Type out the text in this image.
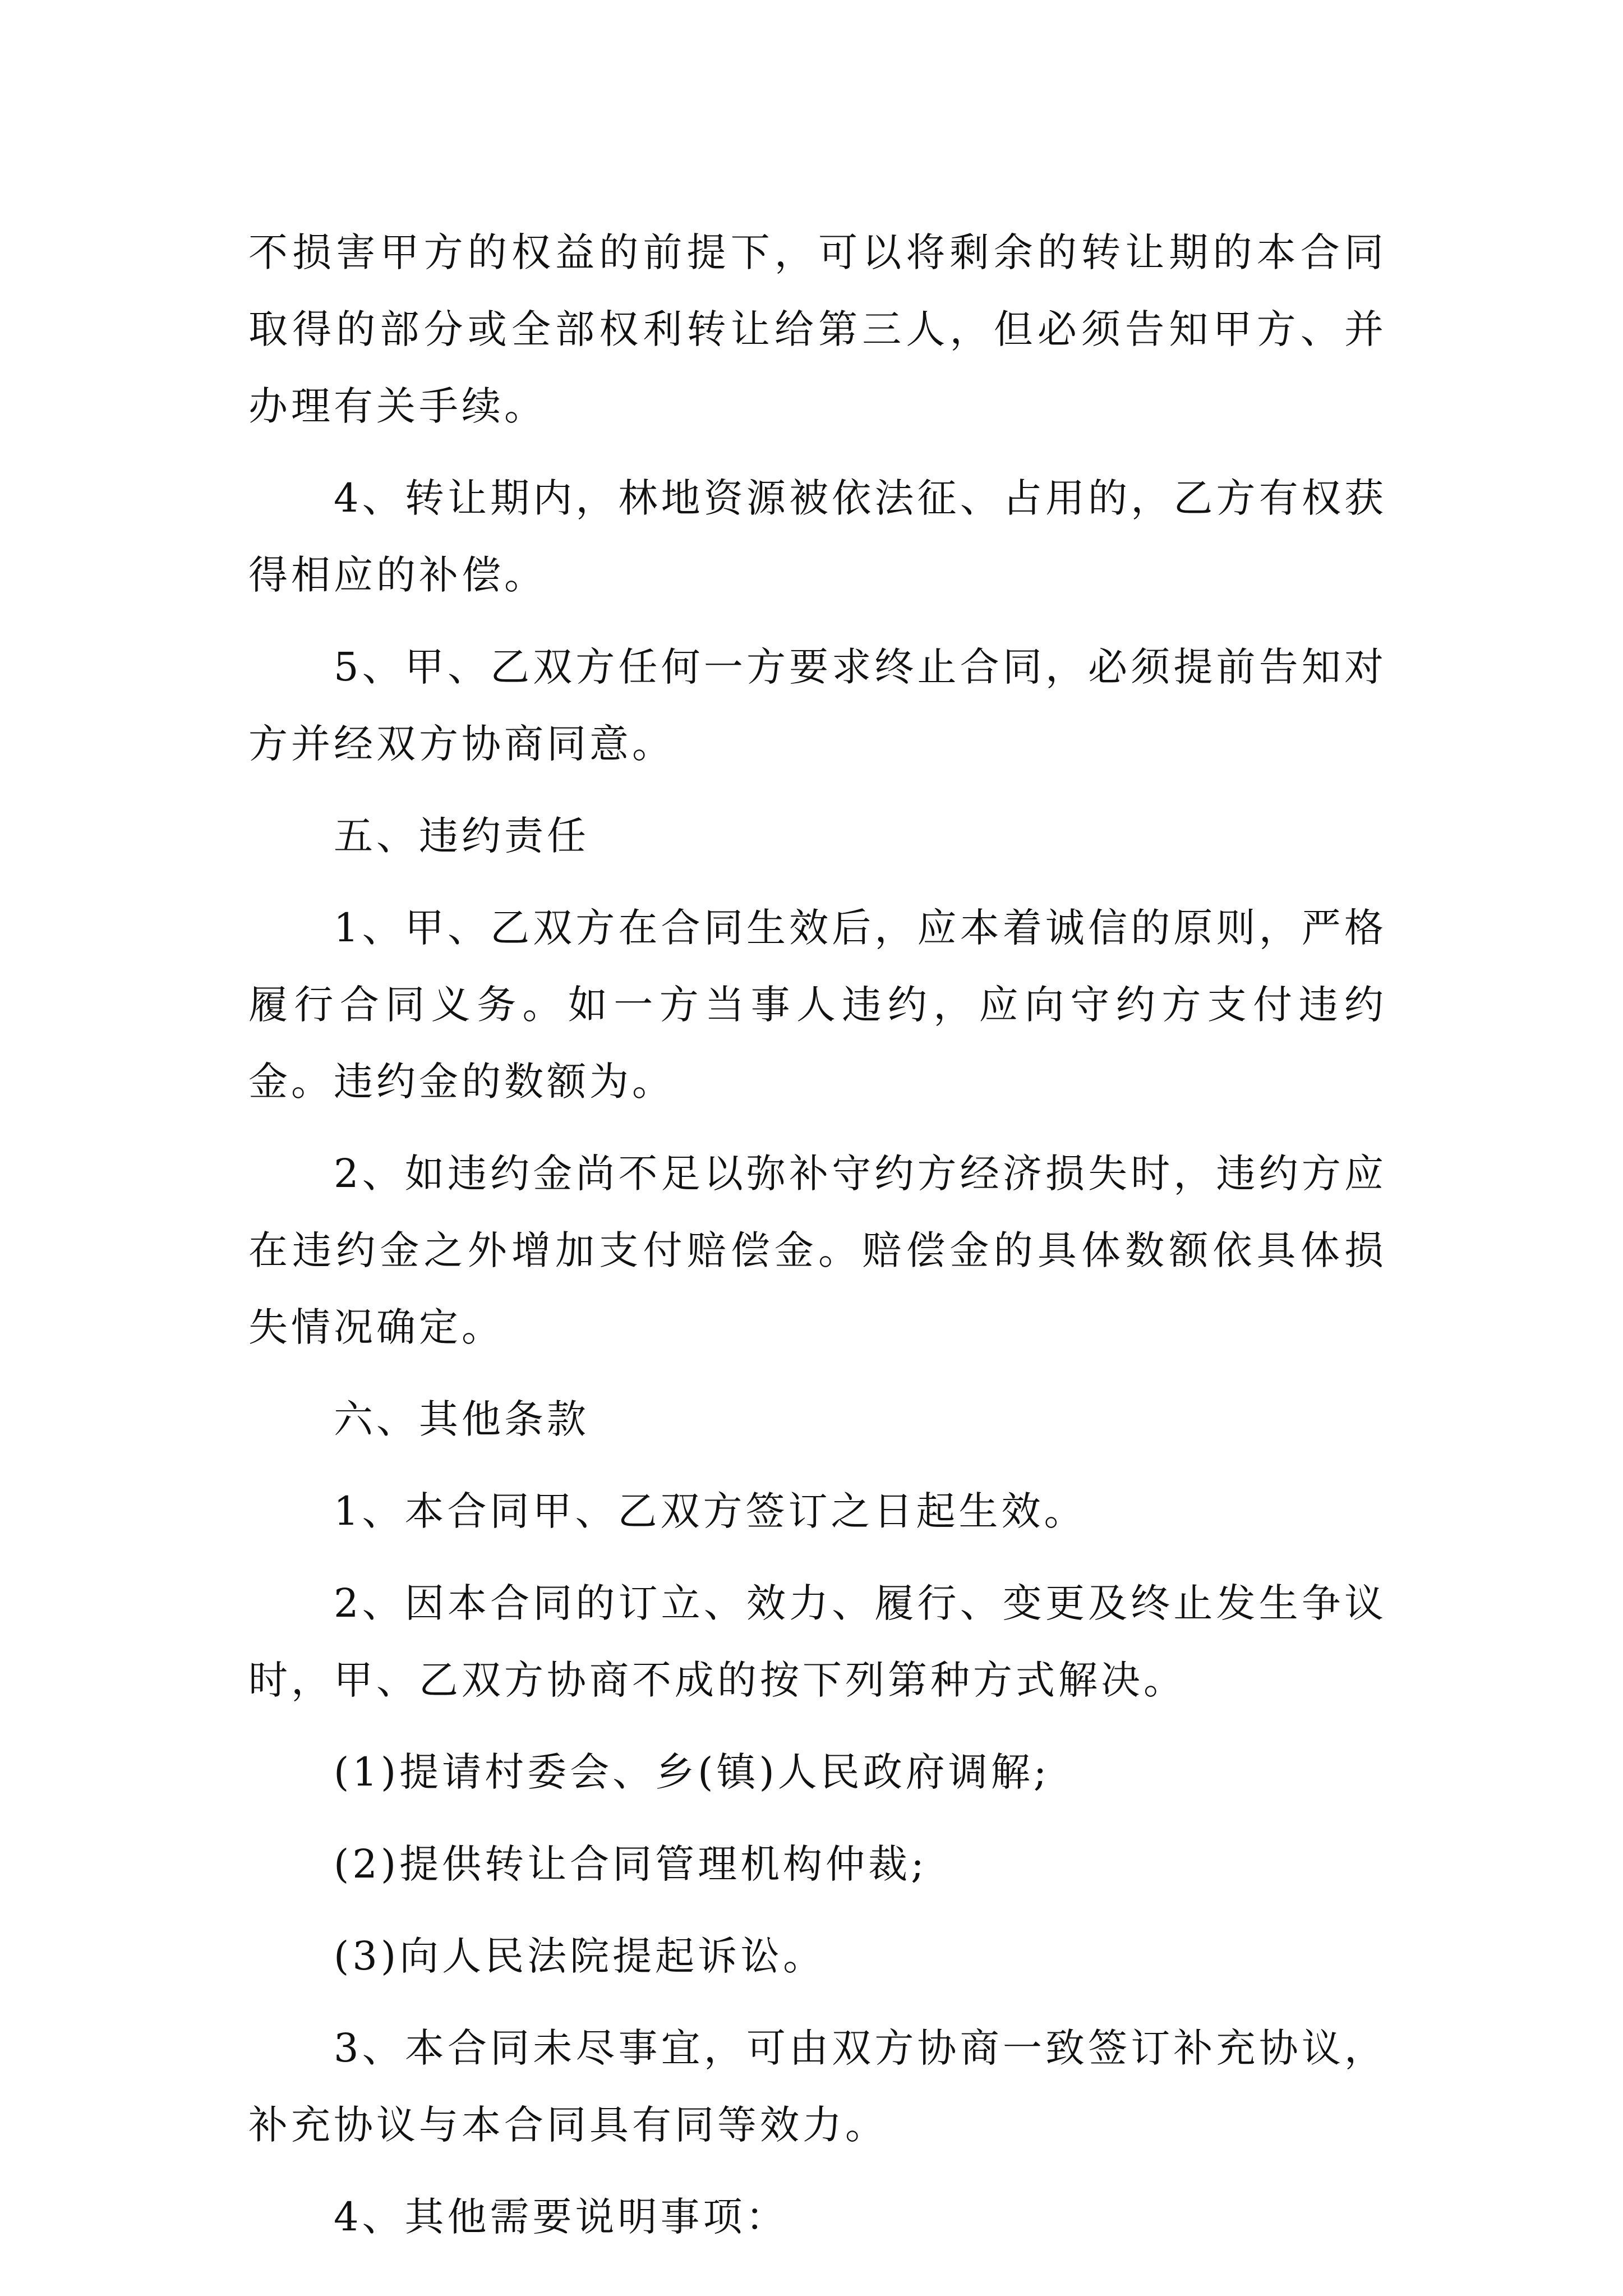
不损害甲方的权益的前提下，可以将剩余的转让期的本合同取得的部分或全部权利转让给第三人，但必须告知甲方、并办理有关手续。

4、转让期内，林地资源被依法征、占用的，乙方有权获得相应的补偿。

5、甲、乙双方任何一方要求终止合同，必须提前告知对方并经双方协商同意。

五、违约责任

1、甲、乙双方在合同生效后，应本着诚信的原则，严格履行合同义务。如一方当事人违约，应向守约方支付违约金。违约金的数额为。

2、如违约金尚不足以弥补守约方经济损失时，违约方应在违约金之外增加支付赔偿金。赔偿金的具体数额依具体损失情况确定。

六、其他条款

1、本合同甲、乙双方签订之日起生效。

2、因本合同的订立、效力、履行、变更及终止发生争议时，甲、乙双方协商不成的按下列第种方式解决。

(1)提请村委会、乡(镇)人民政府调解;

(2)提供转让合同管理机构仲裁;

(3)向人民法院提起诉讼。

3、本合同未尽事宜，可由双方协商一致签订补充协议，补充协议与本合同具有同等效力。

4、其他需要说明事项：
